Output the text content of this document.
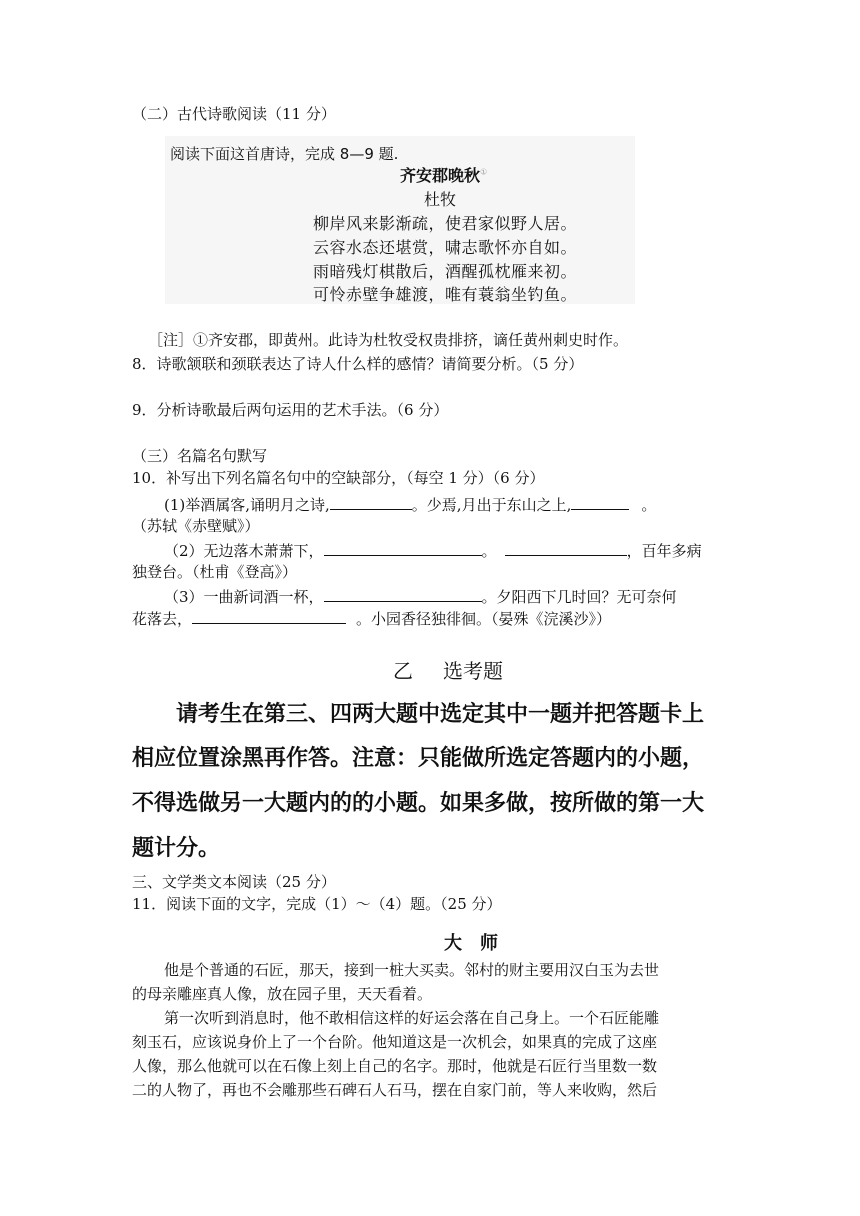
（二）古代诗歌阅读（11 分）
阅读下面这首唐诗，完成 8—9 题.
齐安郡晚秋①
杜牧
柳岸风来影渐疏，使君家似野人居。
云容水态还堪赏，啸志歌怀亦自如。
雨暗残灯棋散后，酒醒孤枕雁来初。
可怜赤壁争雄渡，唯有蓑翁坐钓鱼。
［注］①齐安郡，即黄州。此诗为杜牧受权贵排挤，谪任黄州刺史时作。
8．诗歌颔联和颈联表达了诗人什么样的感情？请简要分析。（5 分）
9．分析诗歌最后两句运用的艺术手法。（6 分）
（三）名篇名句默写
10．补写出下列名篇名句中的空缺部分，（每空 1 分）（6 分）
(1)举酒属客,诵明月之诗,	。少焉,月出于东山之上,	。
（苏轼《赤壁赋》）
（2）无边落木萧萧下，	。	，百年多病
独登台。（杜甫《登高》）
（3）一曲新词酒一杯，	。夕阳西下几时回？无可奈何
花落去，	。小园香径独徘徊。（晏殊《浣溪沙》）
乙 选考题
请考生在第三、四两大题中选定其中一题并把答题卡上
相应位置涂黑再作答。注意：只能做所选定答题内的小题，
不得选做另一大题内的的小题。如果多做，按所做的第一大
题计分。
三、文学类文本阅读（25 分）
11．阅读下面的文字，完成（1）～（4）题。（25 分）
大　师
他是个普通的石匠，那天，接到一桩大买卖。邻村的财主要用汉白玉为去世
的母亲雕座真人像，放在园子里，天天看着。
第一次听到消息时，他不敢相信这样的好运会落在自己身上。一个石匠能雕
刻玉石，应该说身价上了一个台阶。他知道这是一次机会，如果真的完成了这座
人像，那么他就可以在石像上刻上自己的名字。那时，他就是石匠行当里数一数
二的人物了，再也不会雕那些石碑石人石马，摆在自家门前，等人来收购，然后
